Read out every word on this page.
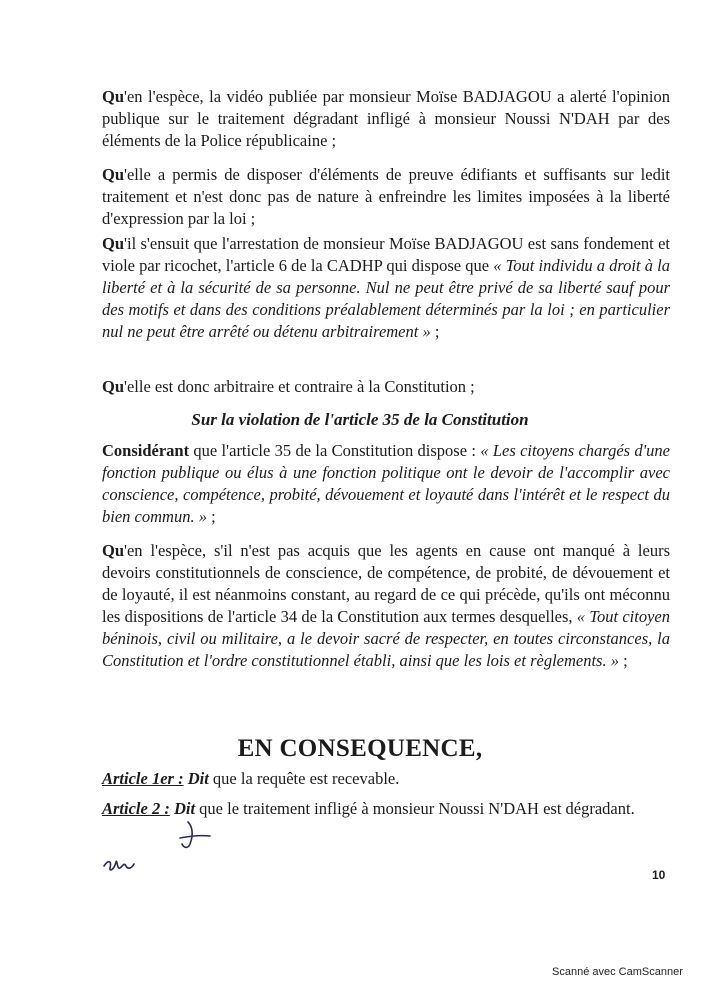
Qu'en l'espèce, la vidéo publiée par monsieur Moïse BADJAGOU a alerté l'opinion publique sur le traitement dégradant infligé à monsieur Noussi N'DAH par des éléments de la Police républicaine ;

Qu'elle a permis de disposer d'éléments de preuve édifiants et suffisants sur ledit traitement et n'est donc pas de nature à enfreindre les limites imposées à la liberté d'expression par la loi ;

Qu'il s'ensuit que l'arrestation de monsieur Moïse BADJAGOU est sans fondement et viole par ricochet, l'article 6 de la CADHP qui dispose que « Tout individu a droit à la liberté et à la sécurité de sa personne. Nul ne peut être privé de sa liberté sauf pour des motifs et dans des conditions préalablement déterminés par la loi ; en particulier nul ne peut être arrêté ou détenu arbitrairement » ;

Qu'elle est donc arbitraire et contraire à la Constitution ;

Sur la violation de l'article 35 de la Constitution

Considérant que l'article 35 de la Constitution dispose : « Les citoyens chargés d'une fonction publique ou élus à une fonction politique ont le devoir de l'accomplir avec conscience, compétence, probité, dévouement et loyauté dans l'intérêt et le respect du bien commun. » ;

Qu'en l'espèce, s'il n'est pas acquis que les agents en cause ont manqué à leurs devoirs constitutionnels de conscience, de compétence, de probité, de dévouement et de loyauté, il est néanmoins constant, au regard de ce qui précède, qu'ils ont méconnu les dispositions de l'article 34 de la Constitution aux termes desquelles, « Tout citoyen béninois, civil ou militaire, a le devoir sacré de respecter, en toutes circonstances, la Constitution et l'ordre constitutionnel établi, ainsi que les lois et règlements. » ;

EN CONSEQUENCE,

Article 1er : Dit que la requête est recevable.

Article 2 : Dit que le traitement infligé à monsieur Noussi N'DAH est dégradant.

10
Scanné avec CamScanner
